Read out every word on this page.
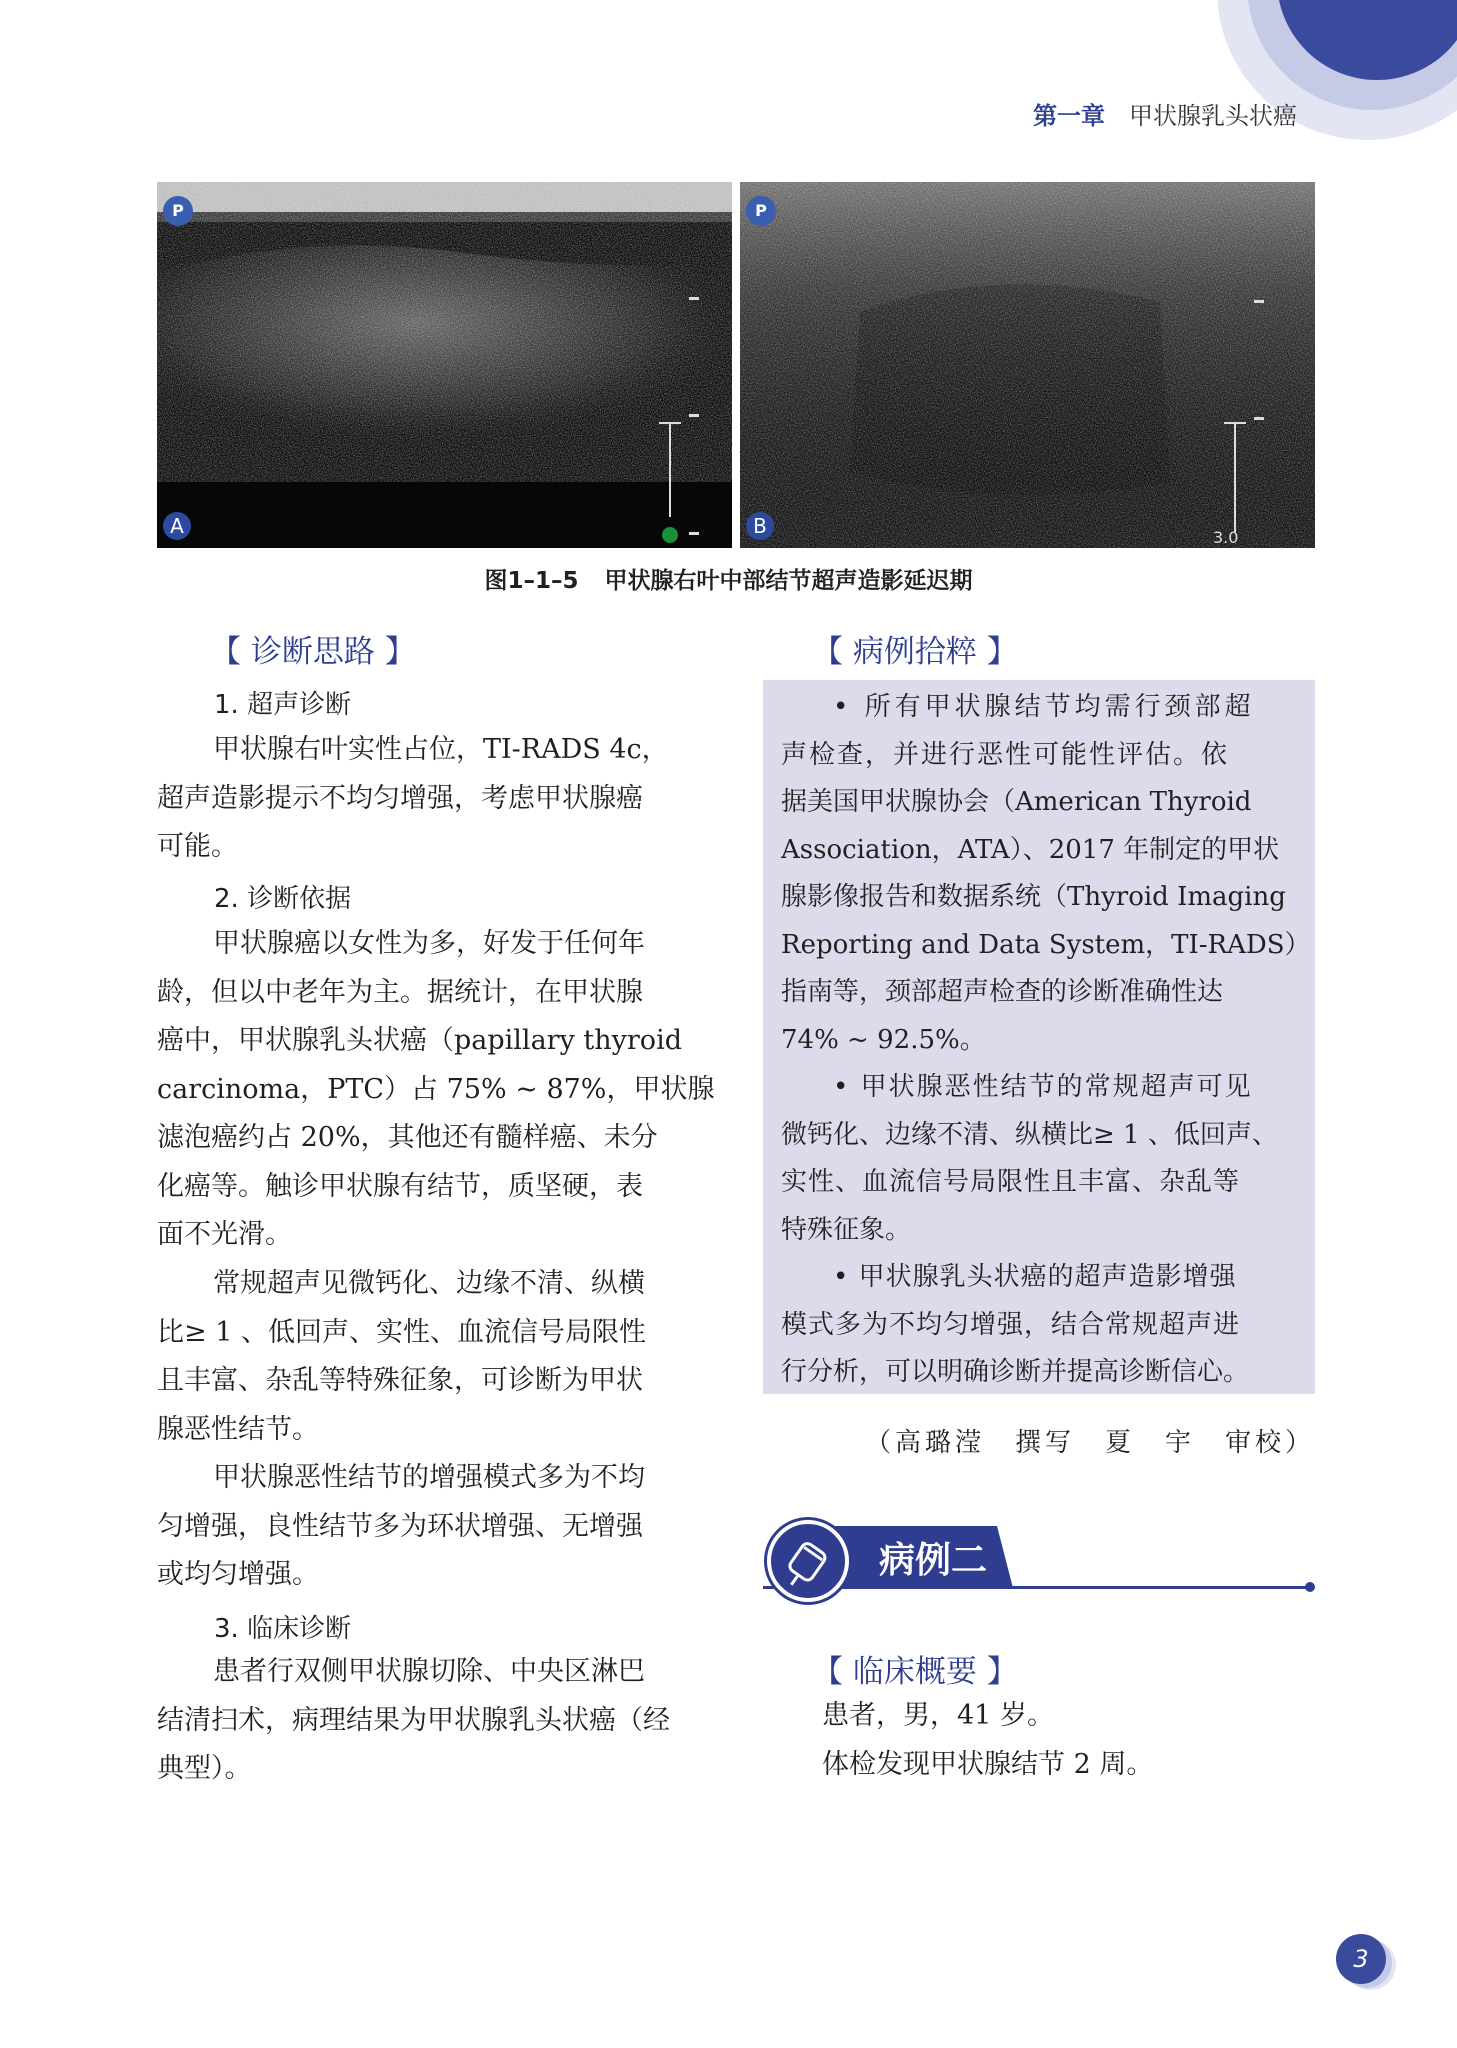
第一章 甲状腺乳头状癌
P
A
P
3.0
B
图1–1–5 甲状腺右叶中部结节超声造影延迟期
【 诊断思路 】
1. 超声诊断
甲状腺右叶实性占位，TI-RADS 4c，
超声造影提示不均匀增强，考虑甲状腺癌
可能。
2. 诊断依据
甲状腺癌以女性为多，好发于任何年
龄，但以中老年为主。据统计，在甲状腺
癌中，甲状腺乳头状癌（papillary thyroid
carcinoma，PTC）占 75% ~ 87%，甲状腺
滤泡癌约占 20%，其他还有髓样癌、未分
化癌等。触诊甲状腺有结节，质坚硬，表
面不光滑。
常规超声见微钙化、边缘不清、纵横
比≥ 1 、低回声、实性、血流信号局限性
且丰富、杂乱等特殊征象，可诊断为甲状
腺恶性结节。
甲状腺恶性结节的增强模式多为不均
匀增强，良性结节多为环状增强、无增强
或均匀增强。
3. 临床诊断
患者行双侧甲状腺切除、中央区淋巴
结清扫术，病理结果为甲状腺乳头状癌（经
典型）。
【 病例拾粹 】
• 所有甲状腺结节均需行颈部超
声检查，并进行恶性可能性评估。依
据美国甲状腺协会（American Thyroid
Association，ATA）、2017 年制定的甲状
腺影像报告和数据系统（Thyroid Imaging
Reporting and Data System，TI-RADS）
指南等，颈部超声检查的诊断准确性达
74% ~ 92.5%。
• 甲状腺恶性结节的常规超声可见
微钙化、边缘不清、纵横比≥ 1 、低回声、
实性、血流信号局限性且丰富、杂乱等
特殊征象。
• 甲状腺乳头状癌的超声造影增强
模式多为不均匀增强，结合常规超声进
行分析，可以明确诊断并提高诊断信心。
（高璐滢　撰写　夏　宇　审校）
病例二
【 临床概要 】
患者，男，41 岁。
体检发现甲状腺结节 2 周。
3
